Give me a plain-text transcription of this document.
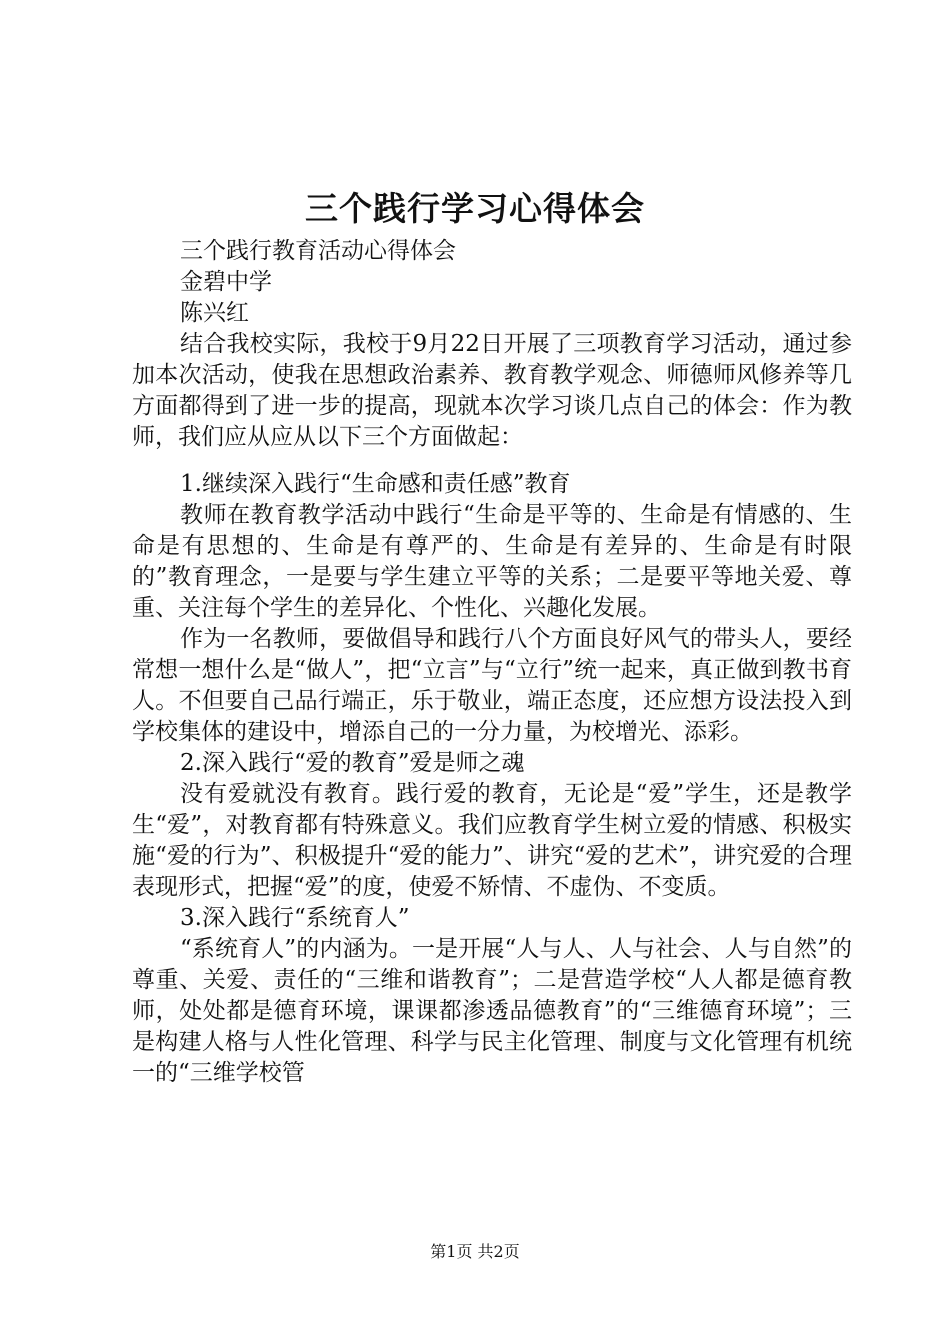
三个践行学习心得体会

三个践行教育活动心得体会

金碧中学

陈兴红

结合我校实际，我校于9月22日开展了三项教育学习活动，通过参加本次活动，使我在思想政治素养、教育教学观念、师德师风修养等几方面都得到了进一步的提高，现就本次学习谈几点自己的体会：作为教师，我们应从应从以下三个方面做起：

1.继续深入践行“生命感和责任感”教育

教师在教育教学活动中践行“生命是平等的、生命是有情感的、生命是有思想的、生命是有尊严的、生命是有差异的、生命是有时限的”教育理念，一是要与学生建立平等的关系；二是要平等地关爱、尊重、关注每个学生的差异化、个性化、兴趣化发展。

作为一名教师，要做倡导和践行八个方面良好风气的带头人，要经常想一想什么是“做人”，把“立言”与“立行”统一起来，真正做到教书育人。不但要自己品行端正，乐于敬业，端正态度，还应想方设法投入到学校集体的建设中，增添自己的一分力量，为校增光、添彩。

2.深入践行“爱的教育”爱是师之魂

没有爱就没有教育。践行爱的教育，无论是“爱”学生，还是教学生“爱”，对教育都有特殊意义。我们应教育学生树立爱的情感、积极实施“爱的行为”、积极提升“爱的能力”、讲究“爱的艺术”，讲究爱的合理表现形式，把握“爱”的度，使爱不矫情、不虚伪、不变质。

3.深入践行“系统育人”

“系统育人”的内涵为。一是开展“人与人、人与社会、人与自然”的尊重、关爱、责任的“三维和谐教育”；二是营造学校“人人都是德育教师，处处都是德育环境，课课都渗透品德教育”的“三维德育环境”；三是构建人格与人性化管理、科学与民主化管理、制度与文化管理有机统一的“三维学校管

第1页 共2页
